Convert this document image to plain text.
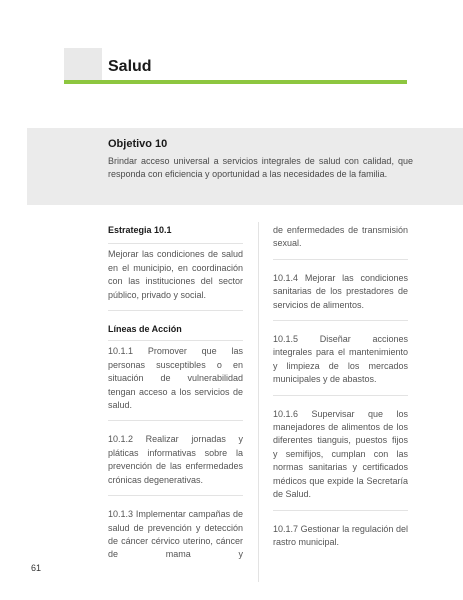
Salud
Objetivo 10
Brindar acceso universal a servicios integrales de salud con calidad, que responda con eficiencia y oportunidad a las necesidades de la familia.
Estrategia 10.1

Mejorar las condiciones de salud en el municipio, en coordinación con las instituciones del sector público, privado y social.

Líneas de Acción

10.1.1 Promover que las personas susceptibles o en situación de vulnerabilidad tengan acceso a los servicios de salud.

10.1.2 Realizar jornadas y pláticas informativas sobre la prevención de las enfermedades crónicas degenerativas.

10.1.3 Implementar campañas de salud de prevención y detección de cáncer cérvico uterino, cáncer de mama y

de enfermedades de transmisión sexual.

10.1.4 Mejorar las condiciones sanitarias de los prestadores de servicios de alimentos.

10.1.5 Diseñar acciones integrales para el mantenimiento y limpieza de los mercados municipales y de abastos.

10.1.6 Supervisar que los manejadores de alimentos de los diferentes tianguis, puestos fijos y semifijos, cumplan con las normas sanitarias y certificados médicos que expide la Secretaría de Salud.

10.1.7 Gestionar la regulación del rastro municipal.

61
